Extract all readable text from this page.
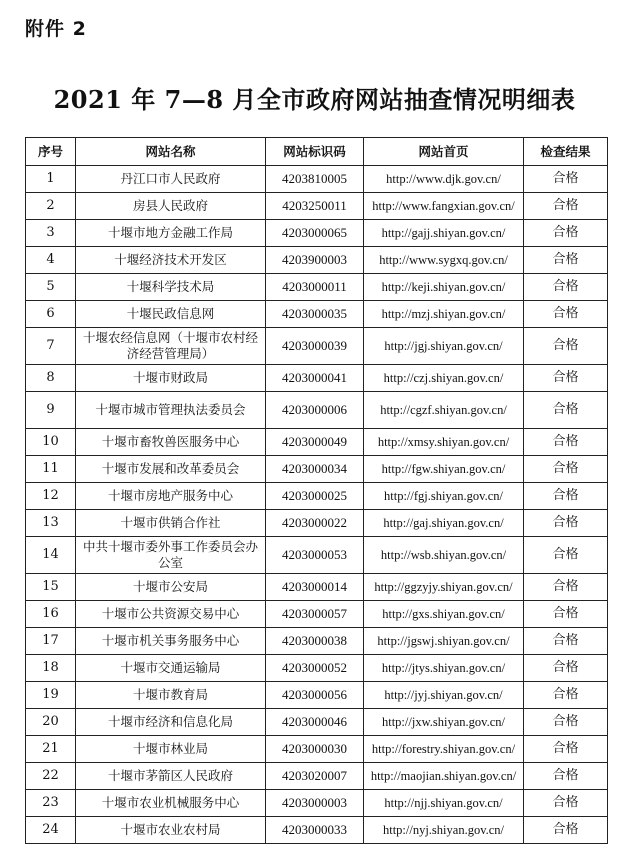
附件 2
2021 年 7—8 月全市政府网站抽查情况明细表
序号	网站名称	网站标识码	网站首页	检查结果
1	丹江口市人民政府	4203810005	http://www.djk.gov.cn/	合格
2	房县人民政府	4203250011	http://www.fangxian.gov.cn/	合格
3	十堰市地方金融工作局	4203000065	http://gajj.shiyan.gov.cn/	合格
4	十堰经济技术开发区	4203900003	http://www.sygxq.gov.cn/	合格
5	十堰科学技术局	4203000011	http://keji.shiyan.gov.cn/	合格
6	十堰民政信息网	4203000035	http://mzj.shiyan.gov.cn/	合格
7	十堰农经信息网（十堰市农村经济经营管理局）	4203000039	http://jgj.shiyan.gov.cn/	合格
8	十堰市财政局	4203000041	http://czj.shiyan.gov.cn/	合格
9	十堰市城市管理执法委员会	4203000006	http://cgzf.shiyan.gov.cn/	合格
10	十堰市畜牧兽医服务中心	4203000049	http://xmsy.shiyan.gov.cn/	合格
11	十堰市发展和改革委员会	4203000034	http://fgw.shiyan.gov.cn/	合格
12	十堰市房地产服务中心	4203000025	http://fgj.shiyan.gov.cn/	合格
13	十堰市供销合作社	4203000022	http://gaj.shiyan.gov.cn/	合格
14	中共十堰市委外事工作委员会办公室	4203000053	http://wsb.shiyan.gov.cn/	合格
15	十堰市公安局	4203000014	http://ggzyjy.shiyan.gov.cn/	合格
16	十堰市公共资源交易中心	4203000057	http://gxs.shiyan.gov.cn/	合格
17	十堰市机关事务服务中心	4203000038	http://jgswj.shiyan.gov.cn/	合格
18	十堰市交通运输局	4203000052	http://jtys.shiyan.gov.cn/	合格
19	十堰市教育局	4203000056	http://jyj.shiyan.gov.cn/	合格
20	十堰市经济和信息化局	4203000046	http://jxw.shiyan.gov.cn/	合格
21	十堰市林业局	4203000030	http://forestry.shiyan.gov.cn/	合格
22	十堰市茅箭区人民政府	4203020007	http://maojian.shiyan.gov.cn/	合格
23	十堰市农业机械服务中心	4203000003	http://njj.shiyan.gov.cn/	合格
24	十堰市农业农村局	4203000033	http://nyj.shiyan.gov.cn/	合格
